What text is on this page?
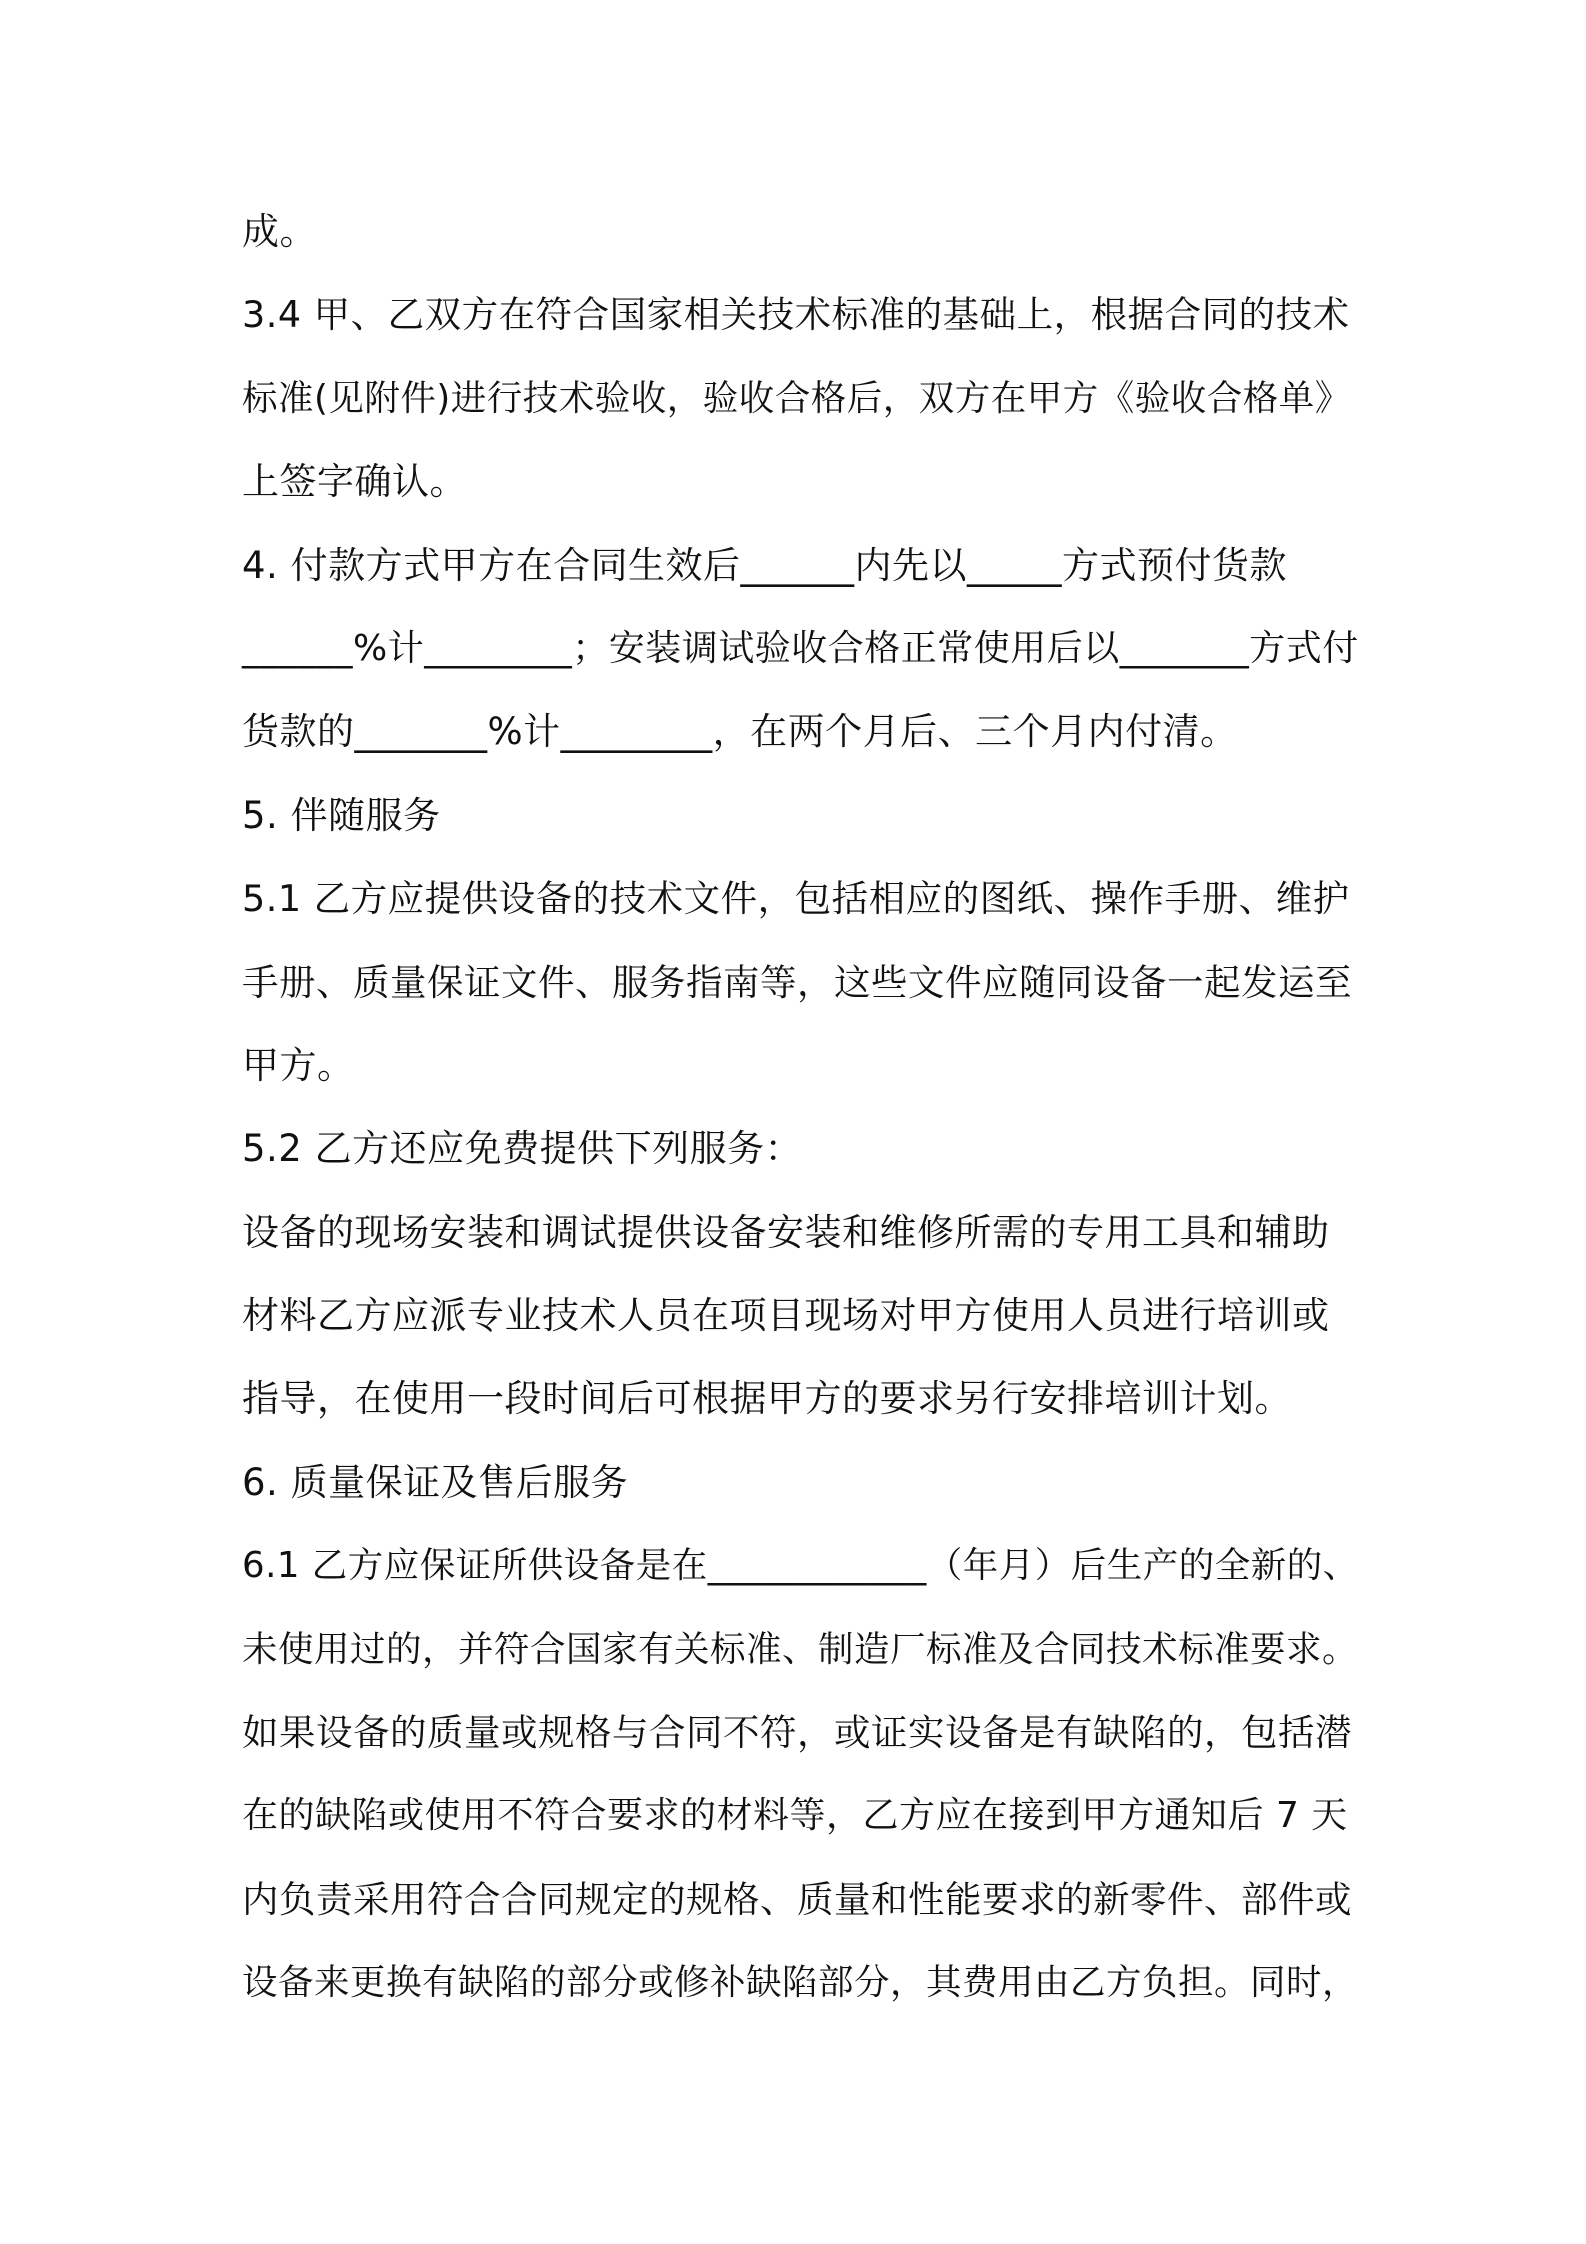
成。
3.4 甲、乙双方在符合国家相关技术标准的基础上，根据合同的技术
标准(见附件)进行技术验收，验收合格后，双方在甲方《验收合格单》
上签字确认。
4. 付款方式甲方在合同生效后______内先以_____方式预付货款
______%计________；安装调试验收合格正常使用后以_______方式付
货款的_______%计________，在两个月后、三个月内付清。
5. 伴随服务
5.1 乙方应提供设备的技术文件，包括相应的图纸、操作手册、维护
手册、质量保证文件、服务指南等，这些文件应随同设备一起发运至
甲方。
5.2 乙方还应免费提供下列服务：
设备的现场安装和调试提供设备安装和维修所需的专用工具和辅助
材料乙方应派专业技术人员在项目现场对甲方使用人员进行培训或
指导，在使用一段时间后可根据甲方的要求另行安排培训计划。
6. 质量保证及售后服务
6.1 乙方应保证所供设备是在____________（年月）后生产的全新的、
未使用过的，并符合国家有关标准、制造厂标准及合同技术标准要求。
如果设备的质量或规格与合同不符，或证实设备是有缺陷的，包括潜
在的缺陷或使用不符合要求的材料等，乙方应在接到甲方通知后 7 天
内负责采用符合合同规定的规格、质量和性能要求的新零件、部件或
设备来更换有缺陷的部分或修补缺陷部分，其费用由乙方负担。同时，
